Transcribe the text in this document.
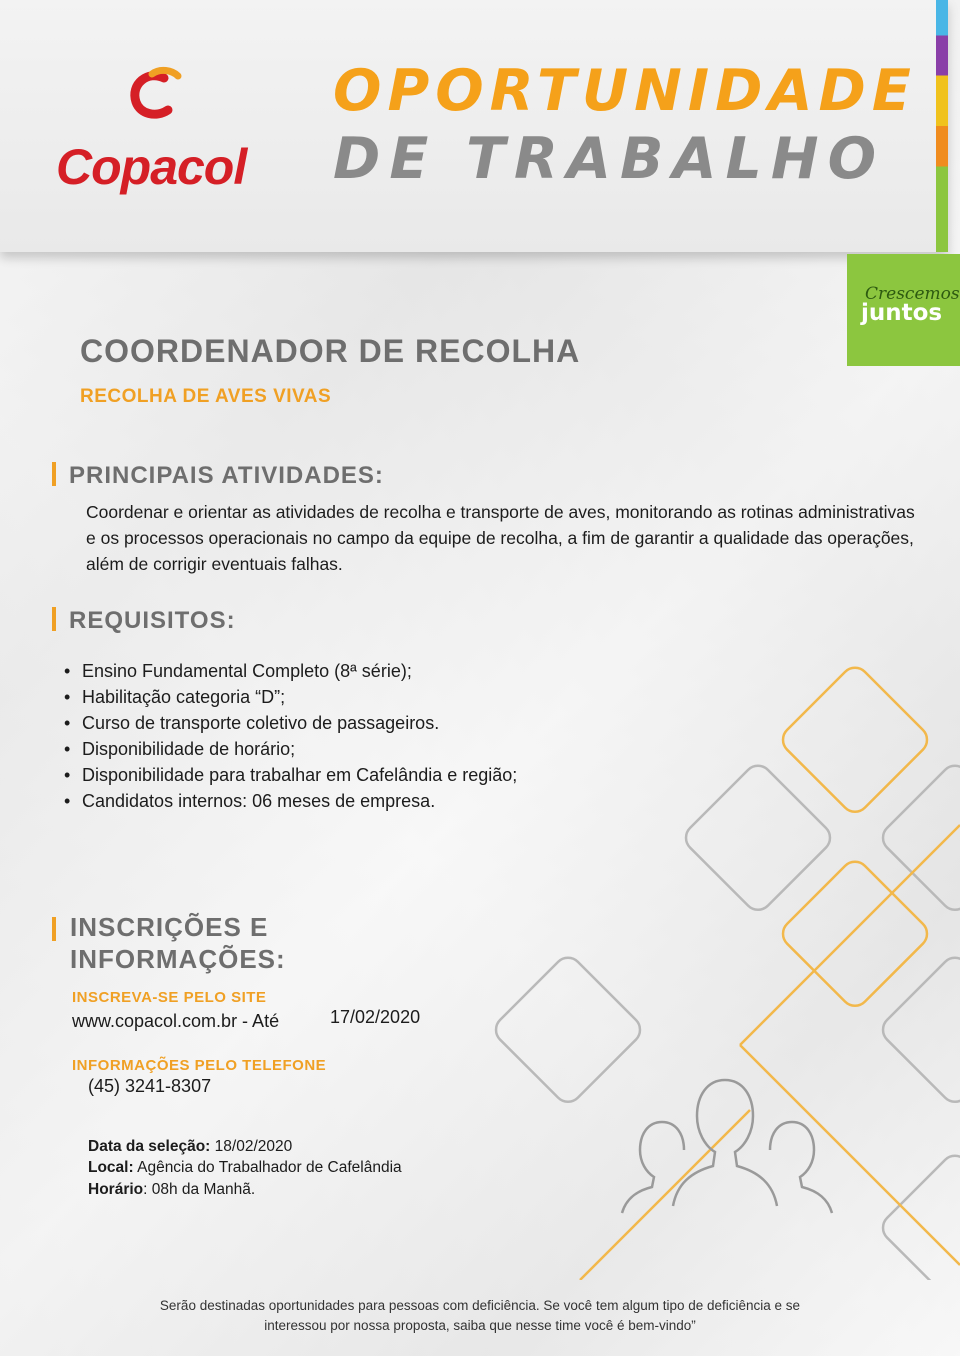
Copacol
OPORTUNIDADE
DE TRABALHO
Crescemos
juntos
COORDENADOR DE RECOLHA
RECOLHA DE AVES VIVAS
PRINCIPAIS ATIVIDADES:
Coordenar e orientar as atividades de recolha e transporte de aves, monitorando as rotinas administrativas e os processos operacionais no campo da equipe de recolha, a fim de garantir a qualidade das operações, além de corrigir eventuais falhas.
REQUISITOS:
• Ensino Fundamental Completo (8ª série);
• Habilitação categoria “D”;
• Curso de transporte coletivo de passageiros.
• Disponibilidade de horário;
• Disponibilidade para trabalhar em Cafelândia e região;
• Candidatos internos: 06 meses de empresa.
INSCRIÇÕES E
INFORMAÇÕES:
INSCREVA-SE PELO SITE
www.copacol.com.br - Até	17/02/2020
INFORMAÇÕES PELO TELEFONE
(45) 3241-8307
Data da seleção: 18/02/2020
Local: Agência do Trabalhador de Cafelândia
Horário: 08h da Manhã.
Serão destinadas oportunidades para pessoas com deficiência. Se você tem algum tipo de deficiência e se
interessou por nossa proposta, saiba que nesse time você é bem-vindo”
